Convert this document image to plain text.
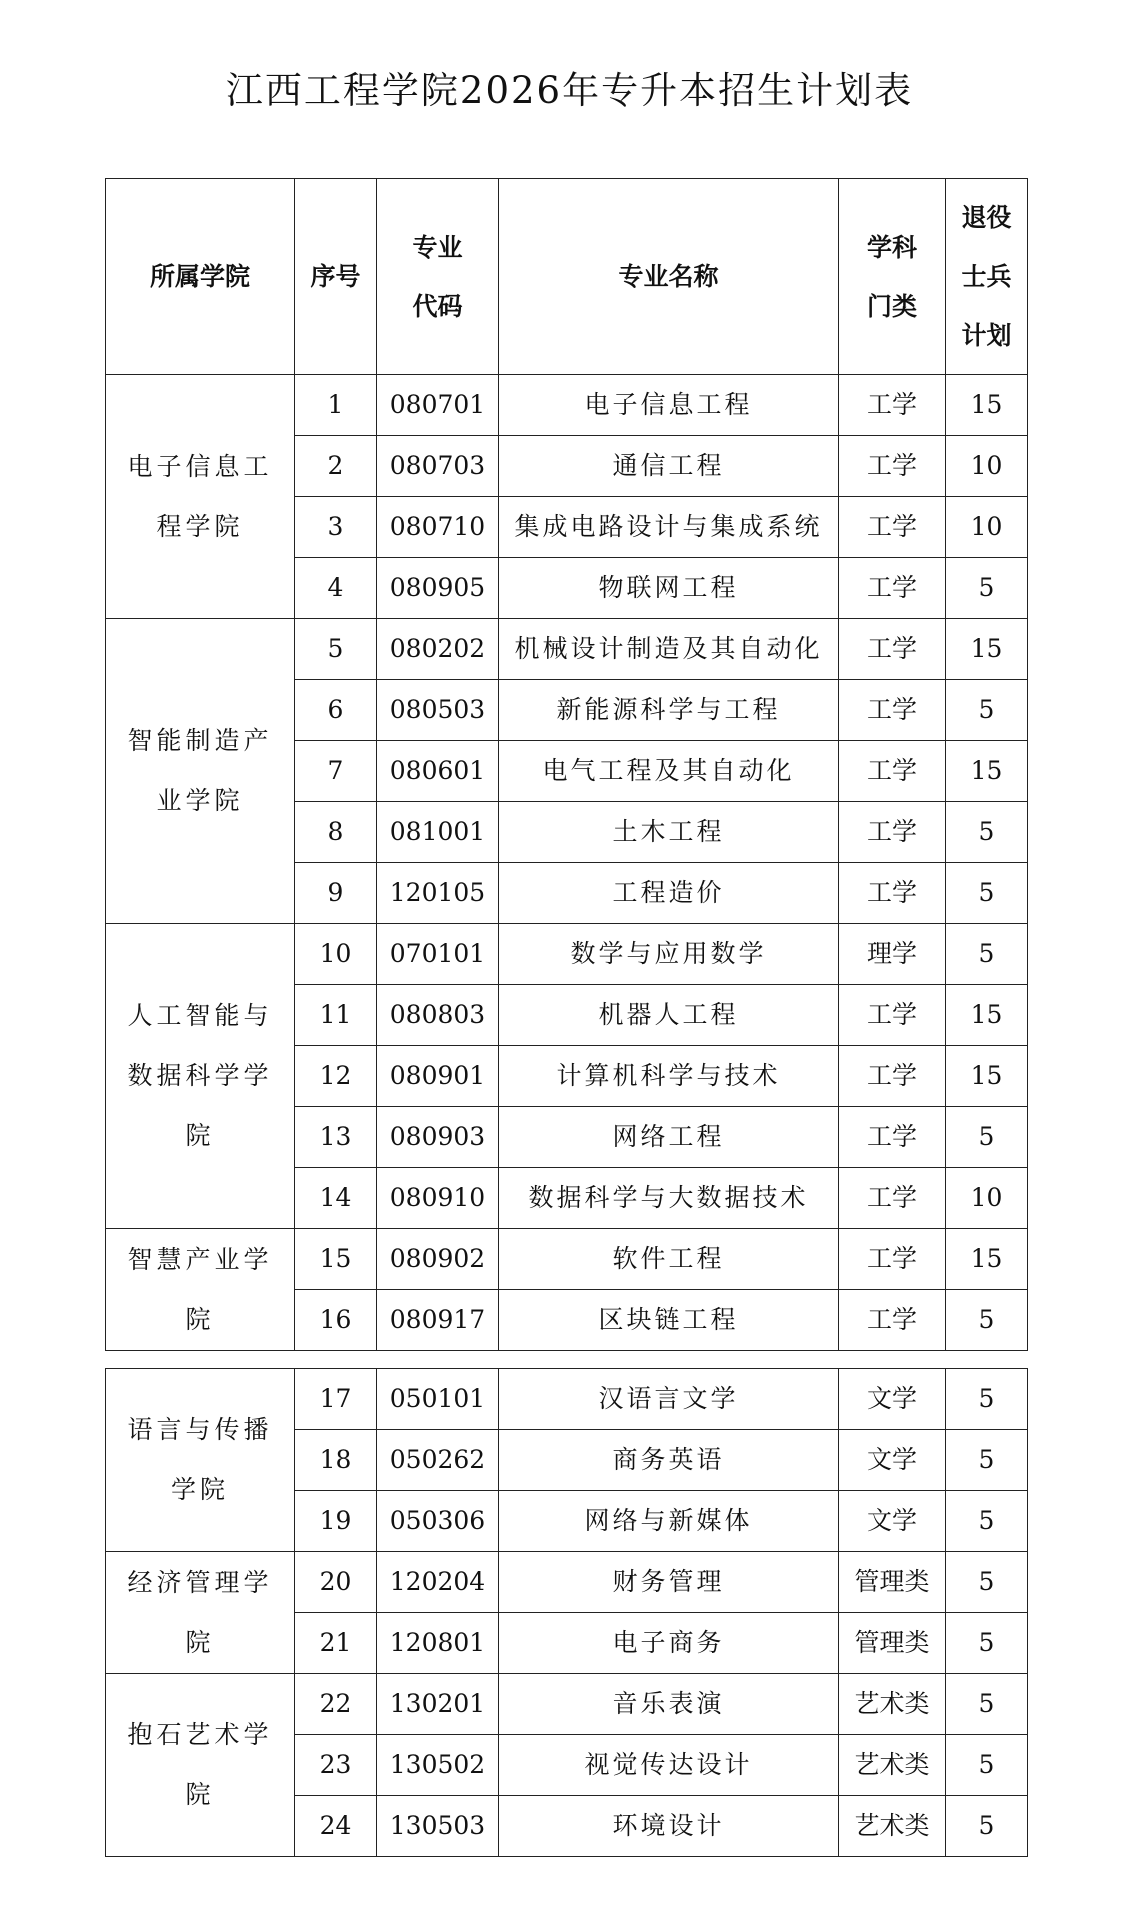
江西工程学院2026年专升本招生计划表
所属学院	序号	专业代码	专业名称	学科门类	退役士兵计划
电子信息工程学院	1	080701	电子信息工程	工学	15
	2	080703	通信工程	工学	10
	3	080710	集成电路设计与集成系统	工学	10
	4	080905	物联网工程	工学	5
智能制造产业学院	5	080202	机械设计制造及其自动化	工学	15
	6	080503	新能源科学与工程	工学	5
	7	080601	电气工程及其自动化	工学	15
	8	081001	土木工程	工学	5
	9	120105	工程造价	工学	5
人工智能与数据科学学院	10	070101	数学与应用数学	理学	5
	11	080803	机器人工程	工学	15
	12	080901	计算机科学与技术	工学	15
	13	080903	网络工程	工学	5
	14	080910	数据科学与大数据技术	工学	10
智慧产业学院	15	080902	软件工程	工学	15
	16	080917	区块链工程	工学	5
语言与传播学院	17	050101	汉语言文学	文学	5
	18	050262	商务英语	文学	5
	19	050306	网络与新媒体	文学	5
经济管理学院	20	120204	财务管理	管理类	5
	21	120801	电子商务	管理类	5
抱石艺术学院	22	130201	音乐表演	艺术类	5
	23	130502	视觉传达设计	艺术类	5
	24	130503	环境设计	艺术类	5
